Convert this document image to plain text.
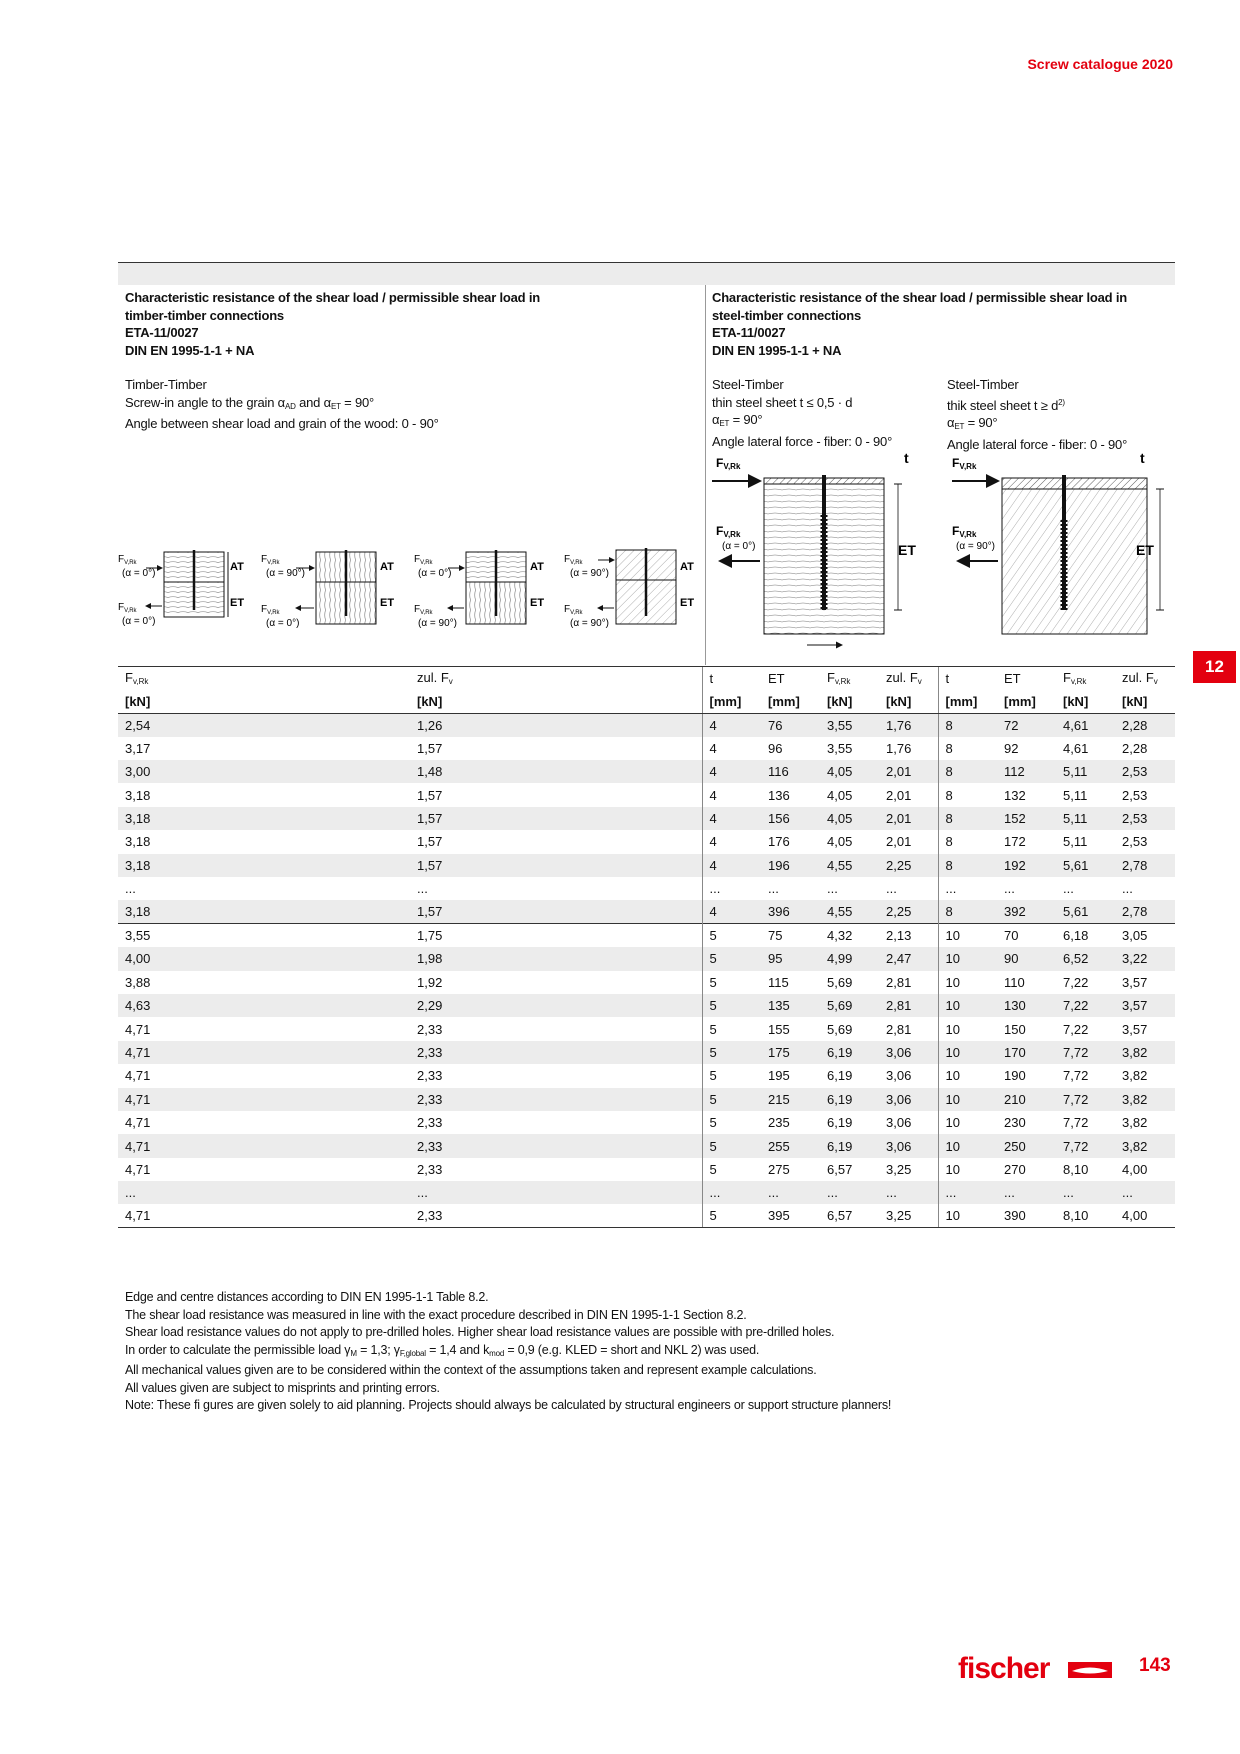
Screw catalogue 2020
Characteristic resistance of the shear load / permissible shear load in
timber-timber connections
ETA-11/0027
DIN EN 1995-1-1 + NA
Timber-Timber
Screw-in angle to the grain $\alpha_{AD}$ and $\alpha_{ET} = 90^\circ$
Angle between shear load and grain of the wood: 0 - 90°
Characteristic resistance of the shear load / permissible shear load in
steel-timber connections
ETA-11/0027
DIN EN 1995-1-1 + NA
Steel-Timber
thin steel sheet t ≤ 0,5 · d
$\alpha_{ET} = 90^\circ$
Angle lateral force - fiber: 0 - 90°
Steel-Timber
thik steel sheet $t \ge d^{2)}$
$\alpha_{ET} = 90^\circ$
Angle lateral force - fiber: 0 - 90°
AT
ET
$F_{V,Rk}$
(α = 0°)
$F_{V,Rk}$
(α = 0°)
AT
ET
$F_{V,Rk}$
(α = 90°)
$F_{V,Rk}$
(α = 0°)
AT
ET
$F_{V,Rk}$
(α = 0°)
$F_{V,Rk}$
(α = 90°)
AT
ET
$F_{V,Rk}$
(α = 90°)
$F_{V,Rk}$
(α = 90°)
t
ET
FV,Rk
FV,Rk
(α = 0°)
t
ET
FV,Rk
FV,Rk
(α = 90°)
12
$F_{v,Rk}$	zul. $F_v$	t	ET	$F_{v,Rk}$	zul. $F_v$	t	ET	$F_{v,Rk}$	zul. $F_v$
[kN]	[kN]	[mm]	[mm]	[kN]	[kN]	[mm]	[mm]	[kN]	[kN]
2,54	1,26	4	76	3,55	1,76	8	72	4,61	2,28
3,17	1,57	4	96	3,55	1,76	8	92	4,61	2,28
3,00	1,48	4	116	4,05	2,01	8	112	5,11	2,53
3,18	1,57	4	136	4,05	2,01	8	132	5,11	2,53
3,18	1,57	4	156	4,05	2,01	8	152	5,11	2,53
3,18	1,57	4	176	4,05	2,01	8	172	5,11	2,53
3,18	1,57	4	196	4,55	2,25	8	192	5,61	2,78
...	...	...	...	...	...	...	...	...	...
3,18	1,57	4	396	4,55	2,25	8	392	5,61	2,78
3,55	1,75	5	75	4,32	2,13	10	70	6,18	3,05
4,00	1,98	5	95	4,99	2,47	10	90	6,52	3,22
3,88	1,92	5	115	5,69	2,81	10	110	7,22	3,57
4,63	2,29	5	135	5,69	2,81	10	130	7,22	3,57
4,71	2,33	5	155	5,69	2,81	10	150	7,22	3,57
4,71	2,33	5	175	6,19	3,06	10	170	7,72	3,82
4,71	2,33	5	195	6,19	3,06	10	190	7,72	3,82
4,71	2,33	5	215	6,19	3,06	10	210	7,72	3,82
4,71	2,33	5	235	6,19	3,06	10	230	7,72	3,82
4,71	2,33	5	255	6,19	3,06	10	250	7,72	3,82
4,71	2,33	5	275	6,57	3,25	10	270	8,10	4,00
...	...	...	...	...	...	...	...	...	...
4,71	2,33	5	395	6,57	3,25	10	390	8,10	4,00
Edge and centre distances according to DIN EN 1995-1-1 Table 8.2.
The shear load resistance was measured in line with the exact procedure described in DIN EN 1995-1-1 Section 8.2.
Shear load resistance values do not apply to pre-drilled holes. Higher shear load resistance values are possible with pre-drilled holes.
In order to calculate the permissible load $\gamma_M = 1,3$; $\gamma_{F,global} = 1,4$ and $k_{mod} = 0,9$ (e.g. KLED = short and NKL 2) was used.
All mechanical values given are to be considered within the context of the assumptions taken and represent example calculations.
All values given are subject to misprints and printing errors.
Note: These fi gures are given solely to aid planning. Projects should always be calculated by structural engineers or support structure planners!
fischer	143
